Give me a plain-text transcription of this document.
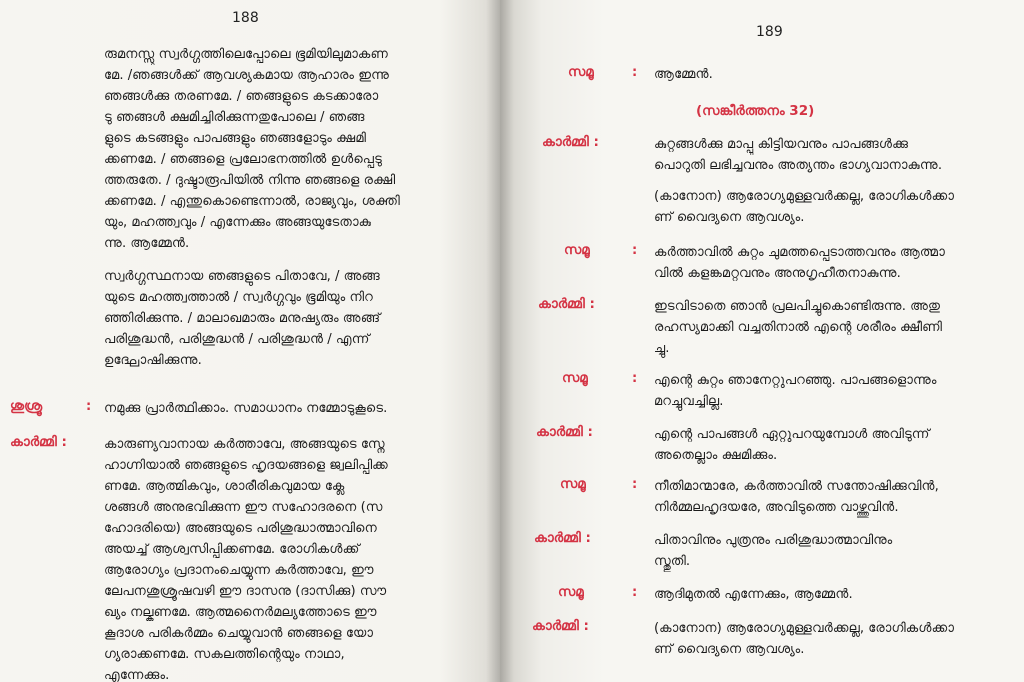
188
രുമനസ്സു സ്വർഗ്ഗത്തിലെപ്പോലെ ഭൂമിയിലുമാകണ
മേ. /ഞങ്ങൾക്ക് ആവശ്യകമായ ആഹാരം ഇന്നു
ഞങ്ങൾക്കു തരണമേ. / ഞങ്ങളുടെ കടക്കാരോ
ടു ഞങ്ങൾ ക്ഷമിച്ചിരിക്കുന്നതുപോലെ / ഞങ്ങ
ളുടെ കടങ്ങളും പാപങ്ങളും ഞങ്ങളോടും ക്ഷമി
ക്കണമേ. / ഞങ്ങളെ പ്രലോഭനത്തിൽ ഉൾപ്പെടു
ത്തരുതേ. / ദുഷ്ടാരൂപിയിൽ നിന്നു ഞങ്ങളെ രക്ഷി
ക്കണമേ. / എന്തുകൊണ്ടെന്നാൽ, രാജ്യവും, ശക്തി
യും, മഹത്ത്വവും / എന്നേക്കും അങ്ങയുടേതാകു
ന്നു. ആമ്മേൻ.
സ്വർഗ്ഗസ്ഥനായ ഞങ്ങളുടെ പിതാവേ, / അങ്ങ
യുടെ മഹത്ത്വത്താൽ / സ്വർഗ്ഗവും ഭൂമിയും നിറ
ഞ്ഞിരിക്കുന്നു. / മാലാഖമാരും മനുഷ്യരും അങ്ങ്
പരിശുദ്ധൻ, പരിശുദ്ധൻ / പരിശുദ്ധൻ / എന്ന്
ഉദ്ഘോഷിക്കുന്നു.
ശുശ്രൂ	: നമുക്കു പ്രാർത്ഥിക്കാം. സമാധാനം നമ്മോടുകൂടെ.
കാർമ്മി :	കാരുണ്യവാനായ കർത്താവേ, അങ്ങയുടെ സ്നേ
ഹാഗ്നിയാൽ ഞങ്ങളുടെ ഹൃദയങ്ങളെ ജ്വലിപ്പിക്ക
ണമേ. ആത്മികവും, ശാരീരികവുമായ ക്ലേ
ശങ്ങൾ അനുഭവിക്കുന്ന ഈ സഹോദരനെ (സ
ഹോദരിയെ) അങ്ങയുടെ പരിശുദ്ധാത്മാവിനെ
അയച്ച് ആശ്വസിപ്പിക്കണമേ. രോഗികൾക്ക്
ആരോഗ്യം പ്രദാനംചെയ്യുന്ന കർത്താവേ, ഈ
ലേപനശുശ്രൂഷവഴി ഈ ദാസനു (ദാസിക്കു) സൗ
ഖ്യം നല്കണമേ. ആത്മനൈർമല്യത്തോടെ ഈ
കൂദാശ പരികർമ്മം ചെയ്യുവാൻ ഞങ്ങളെ യോ
ഗ്യരാക്കണമേ. സകലത്തിന്റെയും നാഥാ,
എന്നേക്കും.
189
സമൂ	: ആമ്മേൻ.
(സങ്കീർത്തനം 32)
കാർമ്മി :	കുറ്റങ്ങൾക്കു മാപ്പു കിട്ടിയവനും പാപങ്ങൾക്കു
പൊറുതി ലഭിച്ചവനും അത്യന്തം ഭാഗ്യവാനാകുന്നു.
(കാനോന) ആരോഗ്യമുള്ളവർക്കല്ല, രോഗികൾക്കാ
ണ് വൈദ്യനെ ആവശ്യം.
സമൂ	: കർത്താവിൽ കുറ്റം ചുമത്തപ്പെടാത്തവനും ആത്മാ
വിൽ കളങ്കമറ്റവനും അനുഗൃഹീതനാകുന്നു.
കാർമ്മി :	ഇടവിടാതെ ഞാൻ പ്രലപിച്ചുകൊണ്ടിരുന്നു. അതു
രഹസ്യമാക്കി വച്ചതിനാൽ എന്റെ ശരീരം ക്ഷീണി
ച്ചു.
സമൂ	: എന്റെ കുറ്റം ഞാനേറ്റുപറഞ്ഞു. പാപങ്ങളൊന്നും
മറച്ചുവച്ചില്ല.
കാർമ്മി :	എന്റെ പാപങ്ങൾ ഏറ്റുപറയുമ്പോൾ അവിടുന്ന്
അതെല്ലാം ക്ഷമിക്കും.
സമൂ	: നീതിമാന്മാരേ, കർത്താവിൽ സന്തോഷിക്കുവിൻ,
നിർമ്മലഹൃദയരേ, അവിടുത്തെ വാഴ്ത്തുവിൻ.
കാർമ്മി :	പിതാവിനും പുത്രനും പരിശുദ്ധാത്മാവിനും
സ്തുതി.
സമൂ	: ആദിമുതൽ എന്നേക്കും, ആമ്മേൻ.
കാർമ്മി :	(കാനോന) ആരോഗ്യമുള്ളവർക്കല്ല, രോഗികൾക്കാ
ണ് വൈദ്യനെ ആവശ്യം.
